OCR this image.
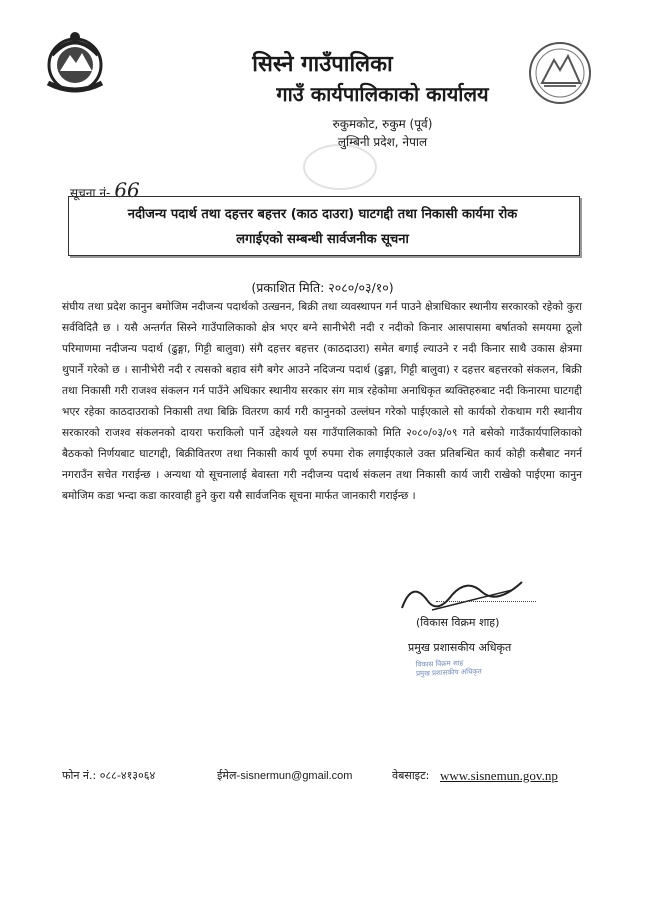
सिस्ने गाउँपालिका
गाउँ कार्यपालिकाको कार्यालय
रुकुमकोट, रुकुम (पूर्व)
लुम्बिनी प्रदेश, नेपाल
सूचना नं- 66
नदीजन्य पदार्थ तथा दहत्तर बहत्तर (काठ दाउरा) घाटगद्दी तथा निकासी कार्यमा रोक
लगाईएको सम्बन्धी सार्वजनीक सूचना
(प्रकाशित मिति: २०८०/०३/१०)

संघीय तथा प्रदेश कानुन बमोजिम नदीजन्य पदार्थको उत्खनन, बिक्री तथा व्यवस्थापन गर्न पाउने क्षेत्राधिकार स्थानीय सरकारको रहेको कुरा सर्वविदितै छ । यसै अन्तर्गत सिस्ने गाउँपालिकाको क्षेत्र भएर बग्ने सानीभेरी नदी र नदीको किनार आसपासमा बर्षातको समयमा ठूलो परिमाणमा नदीजन्य पदार्थ (ढुङ्गा, गिट्टी बालुवा) संगै दहत्तर बहत्तर (काठदाउरा) समेत बगाई ल्याउने र नदी किनार साथै उकास क्षेत्रमा थुपार्ने गरेको छ । सानीभेरी नदी र त्यसको बहाव संगै बगेर आउने नदिजन्य पदार्थ (ढुङ्गा, गिट्टी बालुवा) र दहत्तर बहत्तरको संकलन, बिक्री तथा निकासी गरी राजश्व संकलन गर्न पाउँने अधिकार स्थानीय सरकार संग मात्र रहेकोमा अनाधिकृत ब्यक्तिहरुबाट नदी किनारमा घाटगद्दी भएर रहेका काठदाउराको निकासी तथा बिक्रि वितरण कार्य गरी कानुनको उल्लंघन गरेको पाईएकाले सो कार्यको रोकथाम गरी स्थानीय सरकारको राजश्व संकलनको दायरा फराकिलो पार्ने उद्देश्यले यस गाउँपालिकाको मिति २०८०/०३/०९ गते बसेको गाउँकार्यपालिकाको बैठकको निर्णयबाट घाटगद्दी, बिक्रीवितरण तथा निकासी कार्य पूर्ण रुपमा रोक लगाईएकाले उक्त प्रतिबन्धित कार्य कोही कसैबाट नगर्न नगराउँन सचेत गराईन्छ । अन्यथा यो सूचनालाई बेवास्ता गरी नदीजन्य पदार्थ संकलन तथा निकासी कार्य जारी राखेको पाईएमा कानुन बमोजिम कडा भन्दा कडा कारवाही हुने कुरा यसै सार्वजनिक सूचना मार्फत जानकारी गराईन्छ ।

(विकास विक्रम शाह)
प्रमुख प्रशासकीय अधिकृत
विकास विक्रम शाह
प्रमुख प्रशासकीय अधिकृत
फोन नं.: ०८८-४१३०६४	ईमेल-sisnermun@gmail.com	वेबसाइट: www.sisnemun.gov.np
